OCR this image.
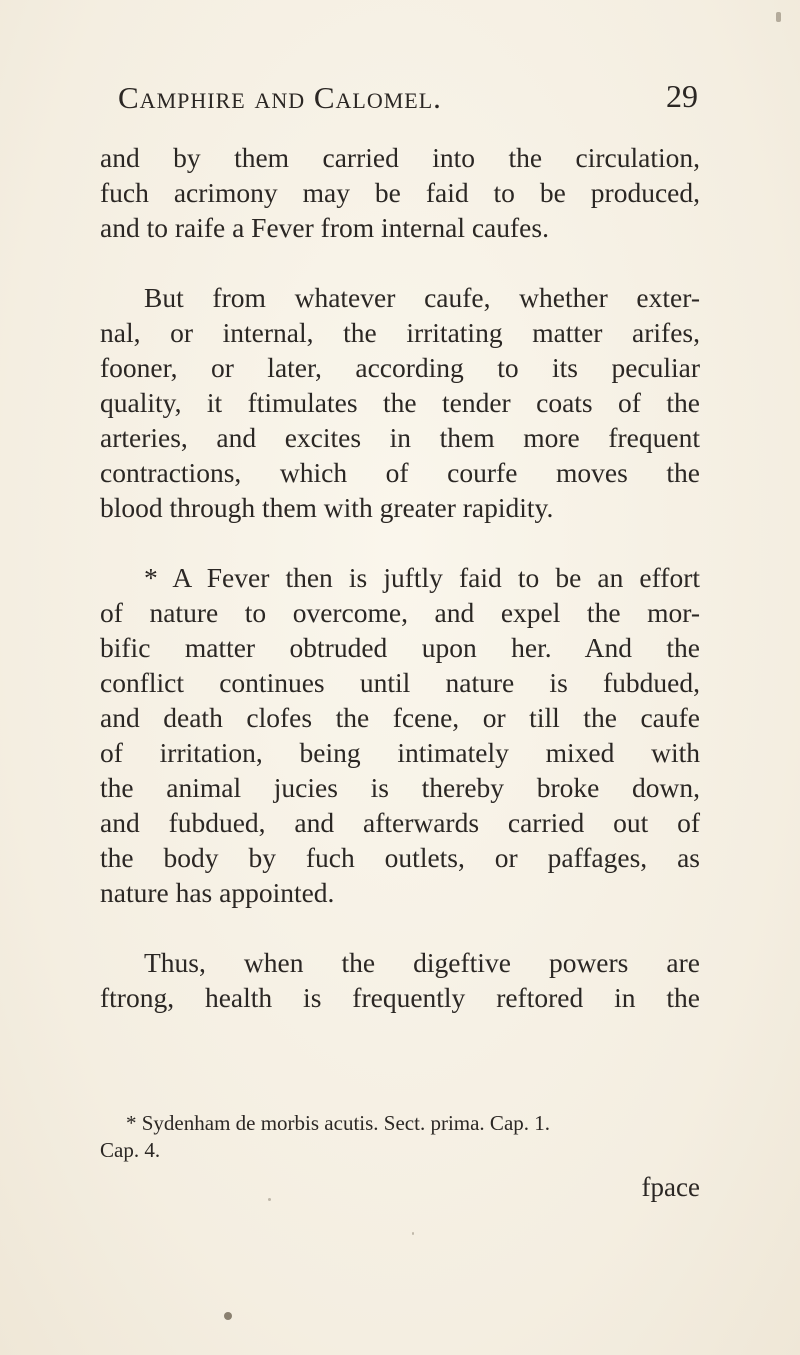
Camphire and Calomel.	29

and by them carried into the circulation,
fuch acrimony may be faid to be produced,
and to raife a Fever from internal caufes.

But from whatever caufe, whether exter-
nal, or internal, the irritating matter arifes,
fooner, or later, according to its peculiar
quality, it ftimulates the tender coats of the
arteries, and excites in them more frequent
contractions, which of courfe moves the
blood through them with greater rapidity.

* A Fever then is juftly faid to be an effort
of nature to overcome, and expel the mor-
bific matter obtruded upon her. And the
conflict continues until nature is fubdued,
and death clofes the fcene, or till the caufe
of irritation, being intimately mixed with
the animal jucies is thereby broke down,
and fubdued, and afterwards carried out of
the body by fuch outlets, or paffages, as
nature has appointed.

Thus, when the digeftive powers are
ftrong, health is frequently reftored in the

* Sydenham de morbis acutis. Sect. prima. Cap. 1.
Cap. 4.
fpace
